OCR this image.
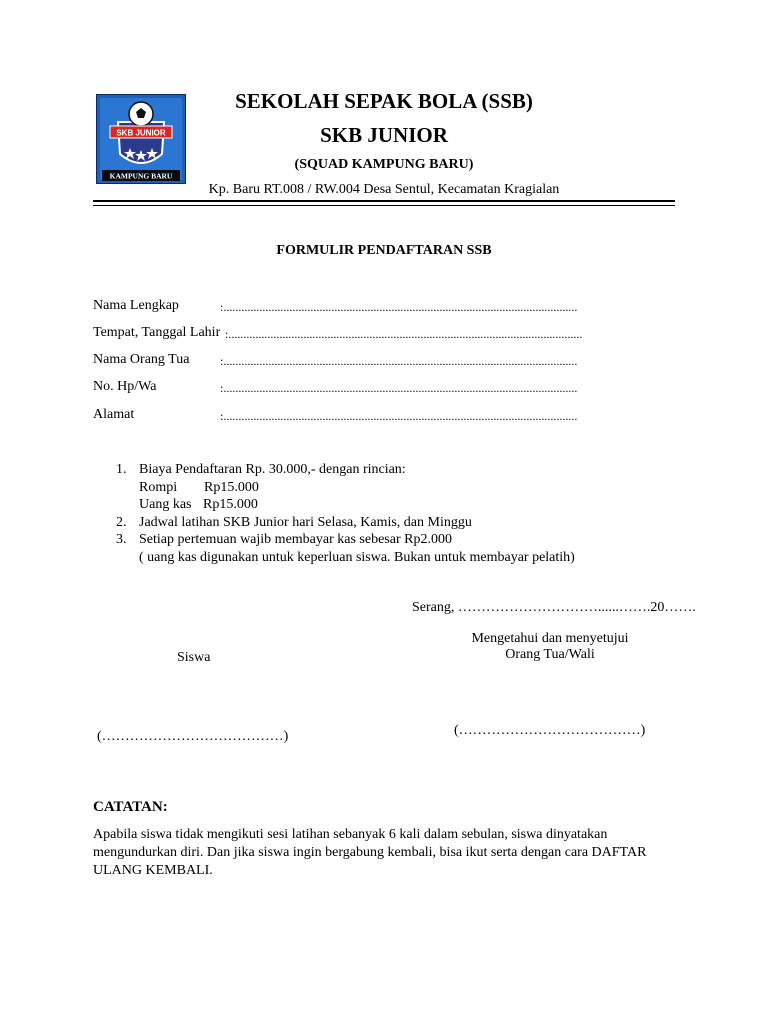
SKB JUNIOR
KAMPUNG BARU
SEKOLAH SEPAK BOLA (SSB)
SKB JUNIOR
(SQUAD KAMPUNG BARU)
Kp. Baru RT.008 / RW.004 Desa Sentul, Kecamatan Kragialan
FORMULIR PENDAFTARAN SSB
Nama Lengkap	:......................................................................................................................
Tempat, Tanggal Lahir :......................................................................................................................
Nama Orang Tua	:......................................................................................................................
No. Hp/Wa	:......................................................................................................................
Alamat	:......................................................................................................................
1. Biaya Pendaftaran Rp. 30.000,- dengan rincian:
Rompi Rp15.000
Uang kas Rp15.000
2. Jadwal latihan SKB Junior hari Selasa, Kamis, dan Minggu
3. Setiap pertemuan wajib membayar kas sebesar Rp2.000
( uang kas digunakan untuk keperluan siswa. Bukan untuk membayar pelatih)
Serang, …………………………......…….20…….
Mengetahui dan menyetujui
Orang Tua/Wali
Siswa
(…………………………………)	(…………………………………)
CATATAN:
Apabila siswa tidak mengikuti sesi latihan sebanyak 6 kali dalam sebulan, siswa dinyatakan mengundurkan diri. Dan jika siswa ingin bergabung kembali, bisa ikut serta dengan cara DAFTAR ULANG KEMBALI.
